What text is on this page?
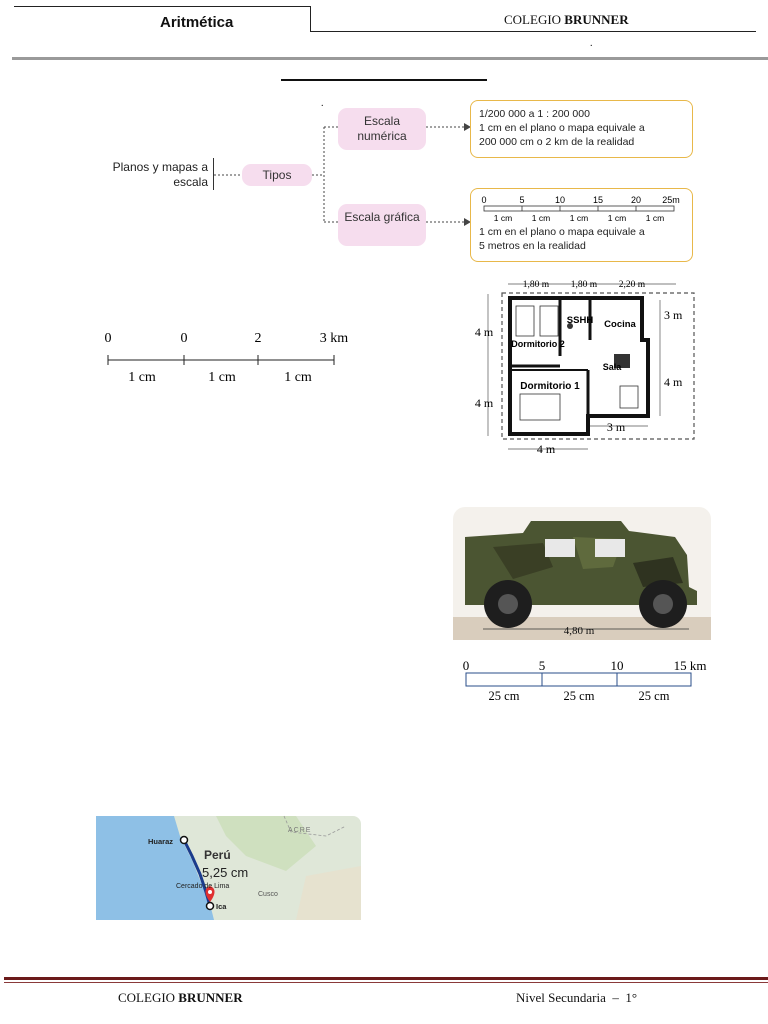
Aritmética	COLEGIO BRUNNER
.
.
Planos y mapas a escala	Tipos
Escala numérica
Escala gráfica
1/200 000 a 1 : 200 000
1 cm en el plano o mapa equivale a
200 000 cm o 2 km de la realidad
0	5	10	15	20 25m
1 cm 1 cm 1 cm 1 cm 1 cm
1 cm en el plano o mapa equivale a
5 metros en la realidad
0	0	2	3 km
1 cm	1 cm	1 cm
1,80 m 1,80 m 2,20 m
4 m
4 m
Dormitorio 2
SSHH Cocina
Sala
Dormitorio 1
3 m
4 m
3 m
4 m
4,80 m
0	5	10	15 km
25 cm	25 cm	25 cm
ACRE
Perú
5,25 cm
Huaraz
Cercado de Lima
Ica
Cusco
COLEGIO BRUNNER	Nivel Secundaria  –  1°
